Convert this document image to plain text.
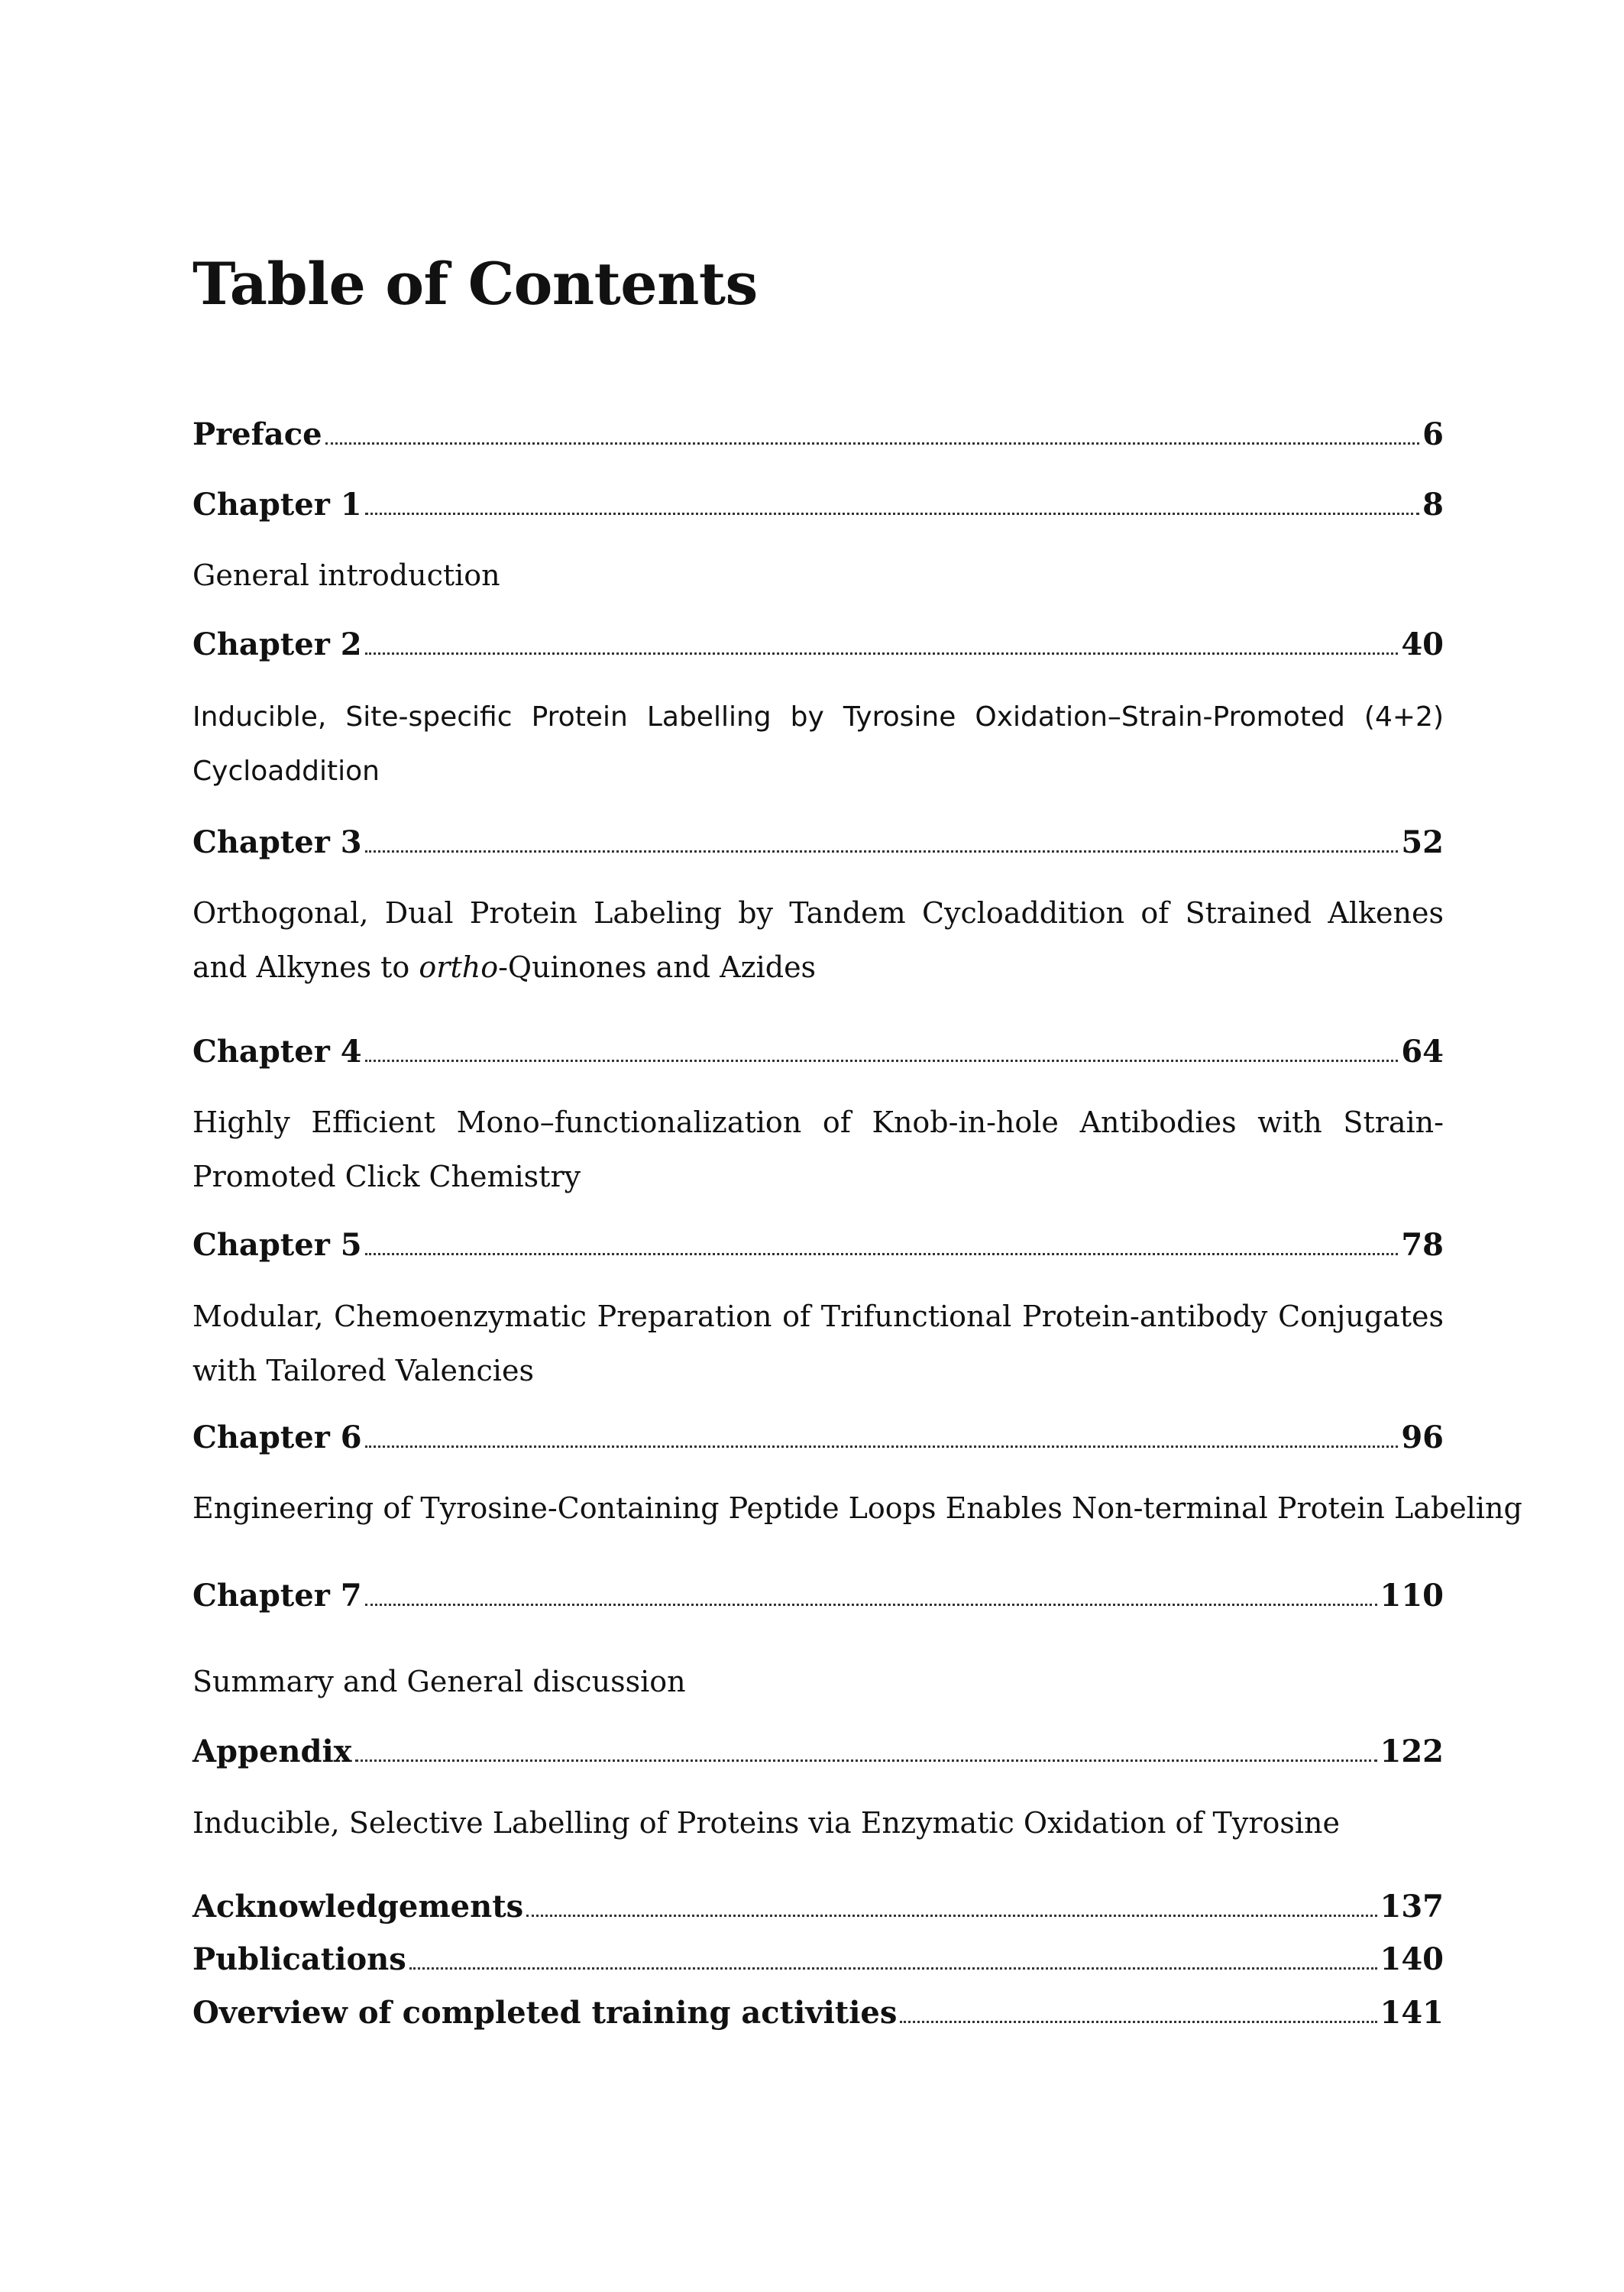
Table of Contents
Preface	6
Chapter 1	8

General introduction

Chapter 2	40

Inducible, Site-specific Protein Labelling by Tyrosine Oxidation–Strain-Promoted (4+2) Cycloaddition

Chapter 3	52

Orthogonal, Dual Protein Labeling by Tandem Cycloaddition of Strained Alkenes and Alkynes to ortho-Quinones and Azides

Chapter 4	64

Highly Efficient Mono–functionalization of Knob-in-hole Antibodies with Strain-Promoted Click Chemistry

Chapter 5	78

Modular, Chemoenzymatic Preparation of Trifunctional Protein-antibody Conjugates with Tailored Valencies

Chapter 6	96

Engineering of Tyrosine-Containing Peptide Loops Enables Non-terminal Protein Labeling

Chapter 7	110

Summary and General discussion

Appendix	122

Inducible, Selective Labelling of Proteins via Enzymatic Oxidation of Tyrosine

Acknowledgements	137
Publications	140
Overview of completed training activities	141
